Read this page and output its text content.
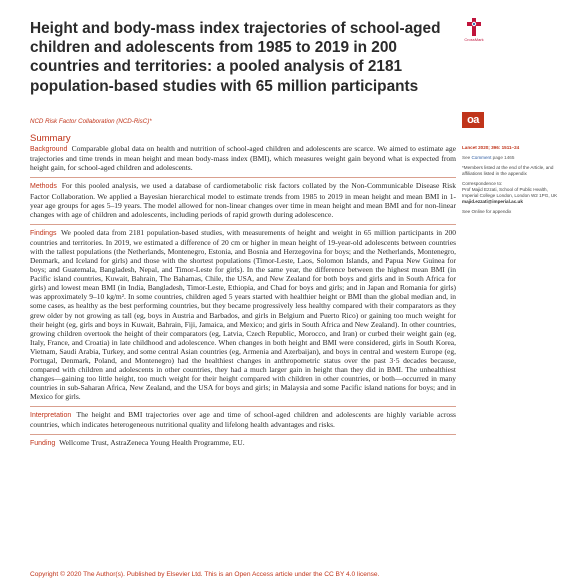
Height and body-mass index trajectories of school-aged children and adolescents from 1985 to 2019 in 200 countries and territories: a pooled analysis of 2181 population-based studies with 65 million participants
CrossMark
oa
NCD Risk Factor Collaboration (NCD-RisC)*
Summary

Background Comparable global data on health and nutrition of school-aged children and adolescents are scarce. We aimed to estimate age trajectories and time trends in mean height and mean body-mass index (BMI), which measures weight gain beyond what is expected from height gain, for school-aged children and adolescents.

Methods For this pooled analysis, we used a database of cardiometabolic risk factors collated by the Non-Communicable Disease Risk Factor Collaboration. We applied a Bayesian hierarchical model to estimate trends from 1985 to 2019 in mean height and mean BMI in 1-year age groups for ages 5–19 years. The model allowed for non-linear changes over time in mean height and mean BMI and for non-linear changes with age of children and adolescents, including periods of rapid growth during adolescence.

Findings We pooled data from 2181 population-based studies, with measurements of height and weight in 65 million participants in 200 countries and territories. In 2019, we estimated a difference of 20 cm or higher in mean height of 19-year-old adolescents between countries with the tallest populations (the Netherlands, Montenegro, Estonia, and Bosnia and Herzegovina for boys; and the Netherlands, Montenegro, Denmark, and Iceland for girls) and those with the shortest populations (Timor-Leste, Laos, Solomon Islands, and Papua New Guinea for boys; and Guatemala, Bangladesh, Nepal, and Timor-Leste for girls). In the same year, the difference between the highest mean BMI (in Pacific island countries, Kuwait, Bahrain, The Bahamas, Chile, the USA, and New Zealand for both boys and girls and in South Africa for girls) and lowest mean BMI (in India, Bangladesh, Timor-Leste, Ethiopia, and Chad for boys and girls; and in Japan and Romania for girls) was approximately 9–10 kg/m². In some countries, children aged 5 years started with healthier height or BMI than the global median and, in some cases, as healthy as the best performing countries, but they became progressively less healthy compared with their comparators as they grew older by not growing as tall (eg, boys in Austria and Barbados, and girls in Belgium and Puerto Rico) or gaining too much weight for their height (eg, girls and boys in Kuwait, Bahrain, Fiji, Jamaica, and Mexico; and girls in South Africa and New Zealand). In other countries, growing children overtook the height of their comparators (eg, Latvia, Czech Republic, Morocco, and Iran) or curbed their weight gain (eg, Italy, France, and Croatia) in late childhood and adolescence. When changes in both height and BMI were considered, girls in South Korea, Vietnam, Saudi Arabia, Turkey, and some central Asian countries (eg, Armenia and Azerbaijan), and boys in central and western Europe (eg, Portugal, Denmark, Poland, and Montenegro) had the healthiest changes in anthropometric status over the past 3·5 decades because, compared with children and adolescents in other countries, they had a much larger gain in height than they did in BMI. The unhealthiest changes—gaining too little height, too much weight for their height compared with children in other countries, or both—occurred in many countries in sub-Saharan Africa, New Zealand, and the USA for boys and girls; in Malaysia and some Pacific island nations for boys; and in Mexico for girls.

Interpretation The height and BMI trajectories over age and time of school-aged children and adolescents are highly variable across countries, which indicates heterogeneous nutritional quality and lifelong health advantages and risks.

Funding Wellcome Trust, AstraZeneca Young Health Programme, EU.

Copyright © 2020 The Author(s). Published by Elsevier Ltd. This is an Open Access article under the CC BY 4.0 license.

Lancet 2020; 396: 1511–24

See Comment page 1465

*Members listed at the end of the Article, and affiliations listed in the appendix

Correspondence to:
Prof Majid Ezzati, School of Public Health, Imperial College London, London W2 1PG, UK
majid.ezzati@imperial.ac.uk

See Online for appendix
